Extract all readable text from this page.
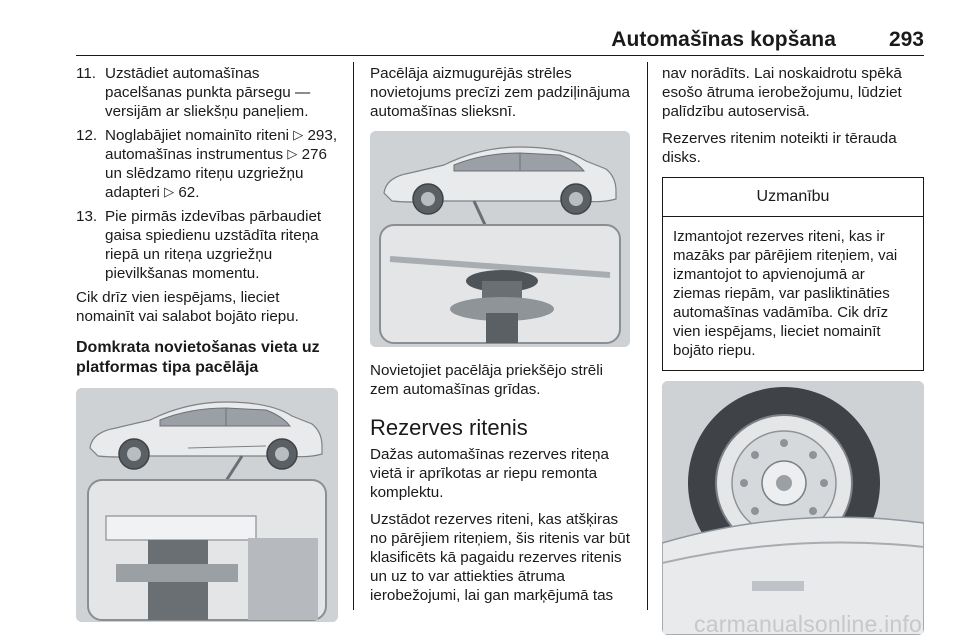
Automašīnas kopšana	293
11. Uzstādiet automašīnas pacelšanas punkta pārsegu — versijām ar sliekšņu paneļiem.
12. Noglabājiet nomainīto riteni ▷ 293, automašīnas instrumentus ▷ 276 un slēdzamo riteņu uzgriežņu adapteri ▷ 62.
13. Pie pirmās izdevības pārbaudiet gaisa spiedienu uzstādīta riteņa riepā un riteņa uzgriežņu pievilkšanas momentu.

Cik drīz vien iespējams, lieciet nomainīt vai salabot bojāto riepu.

Domkrata novietošanas vieta uz platformas tipa pacēlāja

Pacēlāja aizmugurējās strēles novietojums precīzi zem padziļinājuma automašīnas slieksnī.

Novietojiet pacēlāja priekšējo strēli zem automašīnas grīdas.

Rezerves ritenis

Dažas automašīnas rezerves riteņa vietā ir aprīkotas ar riepu remonta komplektu.

Uzstādot rezerves riteni, kas atšķiras no pārējiem riteņiem, šis ritenis var būt klasificēts kā pagaidu rezerves ritenis un uz to var attiekties ātruma ierobežojumi, lai gan marķējumā tas

nav norādīts. Lai noskaidrotu spēkā esošo ātruma ierobežojumu, lūdziet palīdzību autoservisā.

Rezerves ritenim noteikti ir tērauda disks.

Uzmanību
Izmantojot rezerves riteni, kas ir mazāks par pārējiem riteņiem, vai izmantojot to apvienojumā ar ziemas riepām, var pasliktināties automašīnas vadāmība. Cik drīz vien iespējams, lieciet nomainīt bojāto riepu.
carmanualsonline.info
